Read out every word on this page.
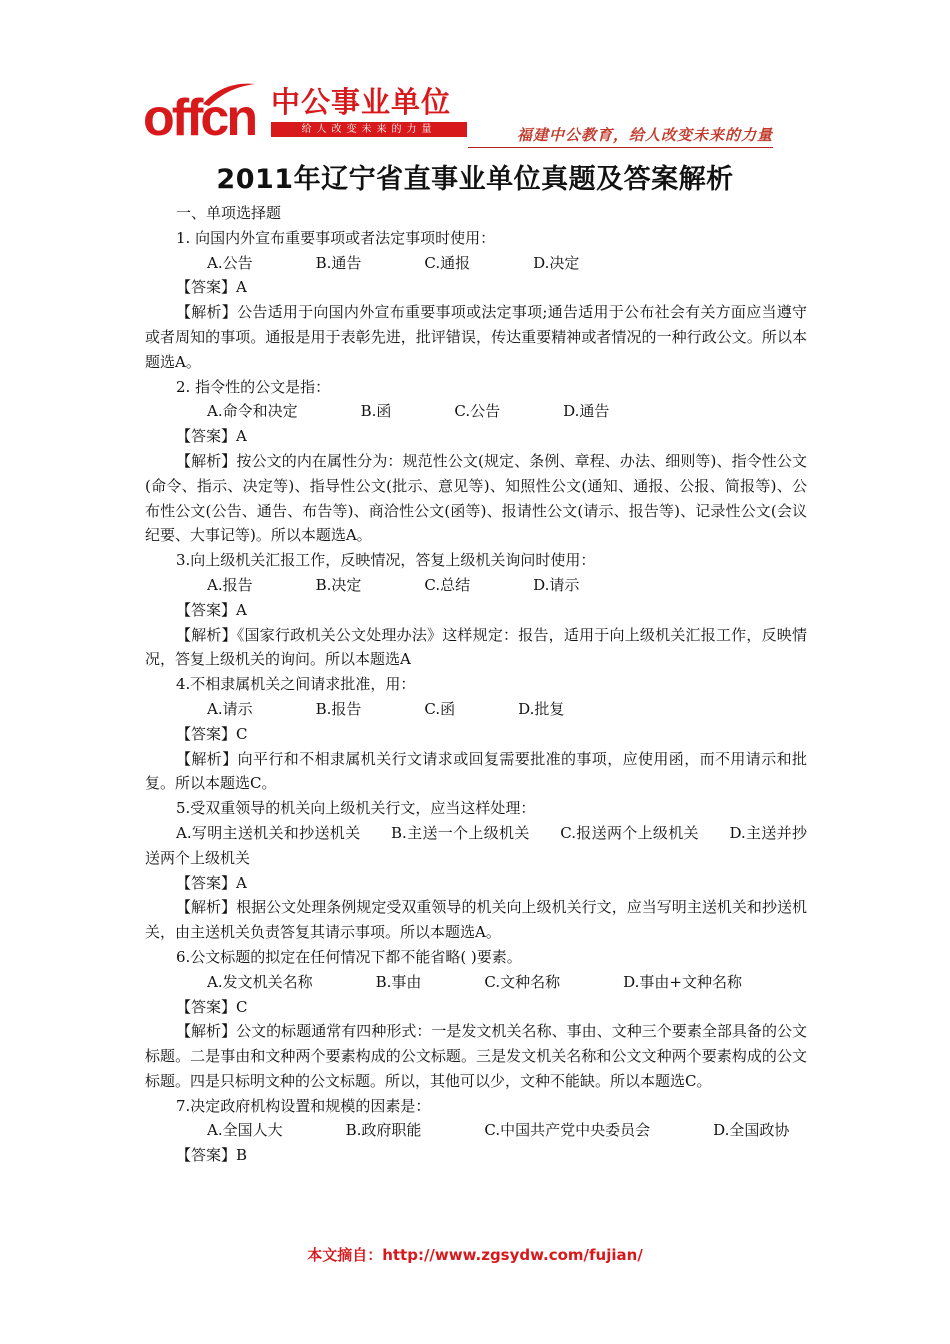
offcn 中公事业单位
给人改变未来的力量	福建中公教育，给人改变未来的力量
2011年辽宁省直事业单位真题及答案解析

一、单项选择题

1. 向国内外宣布重要事项或者法定事项时使用：

A.公告	B.通告	C.通报	D.决定

【答案】A

【解析】公告适用于向国内外宣布重要事项或法定事项;通告适用于公布社会有关方面应当遵守或者周知的事项。通报是用于表彰先进，批评错误，传达重要精神或者情况的一种行政公文。所以本题选A。

2. 指令性的公文是指：

A.命令和决定	B.函	C.公告	D.通告

【答案】A

【解析】按公文的内在属性分为：规范性公文(规定、条例、章程、办法、细则等)、指令性公文(命令、指示、决定等)、指导性公文(批示、意见等)、知照性公文(通知、通报、公报、简报等)、公布性公文(公告、通告、布告等)、商洽性公文(函等)、报请性公文(请示、报告等)、记录性公文(会议纪要、大事记等)。所以本题选A。

3.向上级机关汇报工作，反映情况，答复上级机关询问时使用：

A.报告	B.决定	C.总结	D.请示

【答案】A

【解析】《国家行政机关公文处理办法》这样规定：报告，适用于向上级机关汇报工作，反映情况，答复上级机关的询问。所以本题选A

4.不相隶属机关之间请求批准，用：

A.请示	B.报告	C.函	D.批复

【答案】C

【解析】向平行和不相隶属机关行文请求或回复需要批准的事项，应使用函，而不用请示和批复。所以本题选C。

5.受双重领导的机关向上级机关行文，应当这样处理：

A.写明主送机关和抄送机关　　B.主送一个上级机关　　C.报送两个上级机关　　D.主送并抄送两个上级机关

【答案】A

【解析】根据公文处理条例规定受双重领导的机关向上级机关行文，应当写明主送机关和抄送机关，由主送机关负责答复其请示事项。所以本题选A。

6.公文标题的拟定在任何情况下都不能省略( )要素。

A.发文机关名称	B.事由	C.文种名称	D.事由+文种名称

【答案】C

【解析】公文的标题通常有四种形式：一是发文机关名称、事由、文种三个要素全部具备的公文标题。二是事由和文种两个要素构成的公文标题。三是发文机关名称和公文文种两个要素构成的公文标题。四是只标明文种的公文标题。所以，其他可以少，文种不能缺。所以本题选C。

7.决定政府机构设置和规模的因素是：

A.全国人大	B.政府职能	C.中国共产党中央委员会	D.全国政协

【答案】B

本文摘自：http://www.zgsydw.com/fujian/
